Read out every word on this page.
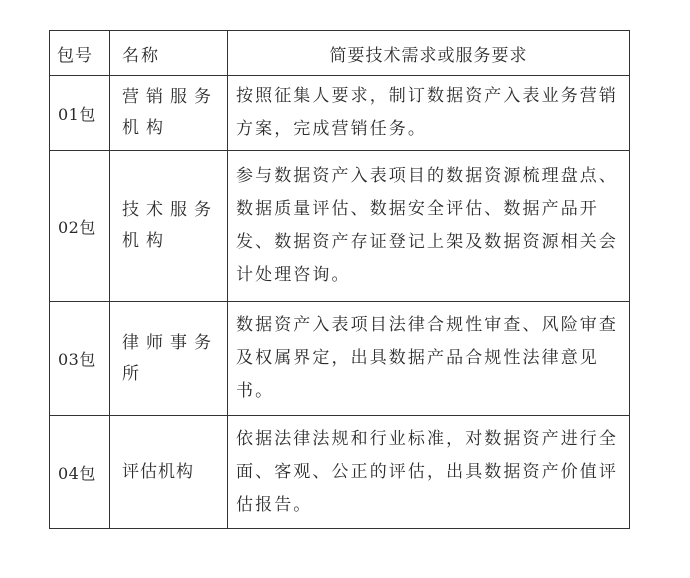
包号	名称	简要技术需求或服务要求
01包	营销服务机构	按照征集人要求，制订数据资产入表业务营销方案，完成营销任务。
02包	技术服务机构	参与数据资产入表项目的数据资源梳理盘点、数据质量评估、数据安全评估、数据产品开发、数据资产存证登记上架及数据资源相关会计处理咨询。
03包	律师事务所	数据资产入表项目法律合规性审查、风险审查及权属界定，出具数据产品合规性法律意见书。
04包	评估机构	依据法律法规和行业标准，对数据资产进行全面、客观、公正的评估，出具数据资产价值评估报告。
